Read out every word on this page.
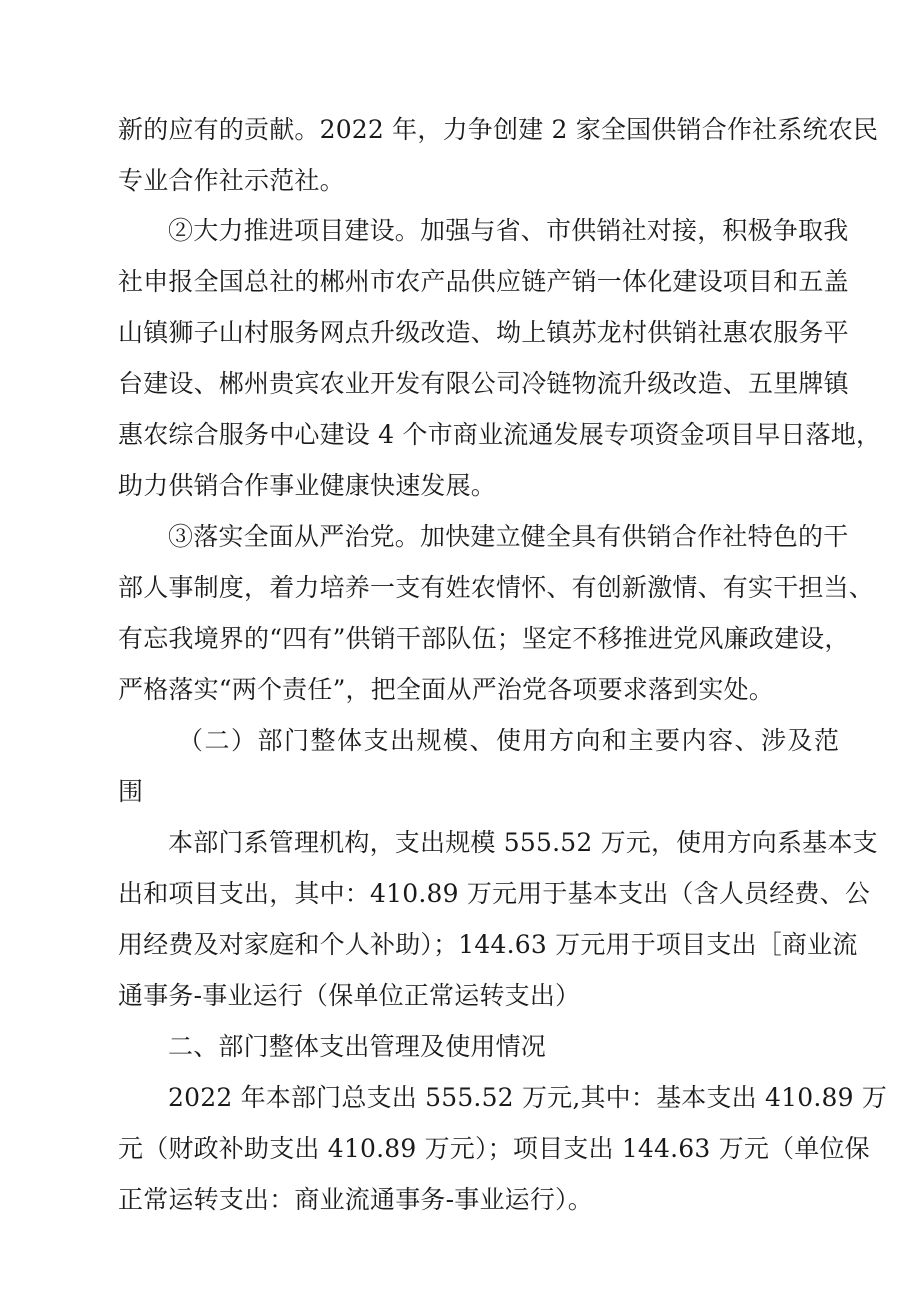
新的应有的贡献。2022 年，力争创建 2 家全国供销合作社系统农民
专业合作社示范社。
②大力推进项目建设。加强与省、市供销社对接，积极争取我
社申报全国总社的郴州市农产品供应链产销一体化建设项目和五盖
山镇狮子山村服务网点升级改造、坳上镇苏龙村供销社惠农服务平
台建设、郴州贵宾农业开发有限公司冷链物流升级改造、五里牌镇
惠农综合服务中心建设 4 个市商业流通发展专项资金项目早日落地，
助力供销合作事业健康快速发展。
③落实全面从严治党。加快建立健全具有供销合作社特色的干
部人事制度，着力培养一支有姓农情怀、有创新激情、有实干担当、
有忘我境界的“四有”供销干部队伍；坚定不移推进党风廉政建设，
严格落实“两个责任”，把全面从严治党各项要求落到实处。
（二）部门整体支出规模、使用方向和主要内容、涉及范
围
本部门系管理机构，支出规模 555.52 万元，使用方向系基本支
出和项目支出，其中：410.89 万元用于基本支出（含人员经费、公
用经费及对家庭和个人补助）；144.63 万元用于项目支出［商业流
通事务-事业运行（保单位正常运转支出）
二、部门整体支出管理及使用情况
2022 年本部门总支出 555.52 万元,其中：基本支出 410.89 万
元（财政补助支出 410.89 万元）；项目支出 144.63 万元（单位保
正常运转支出：商业流通事务-事业运行）。
